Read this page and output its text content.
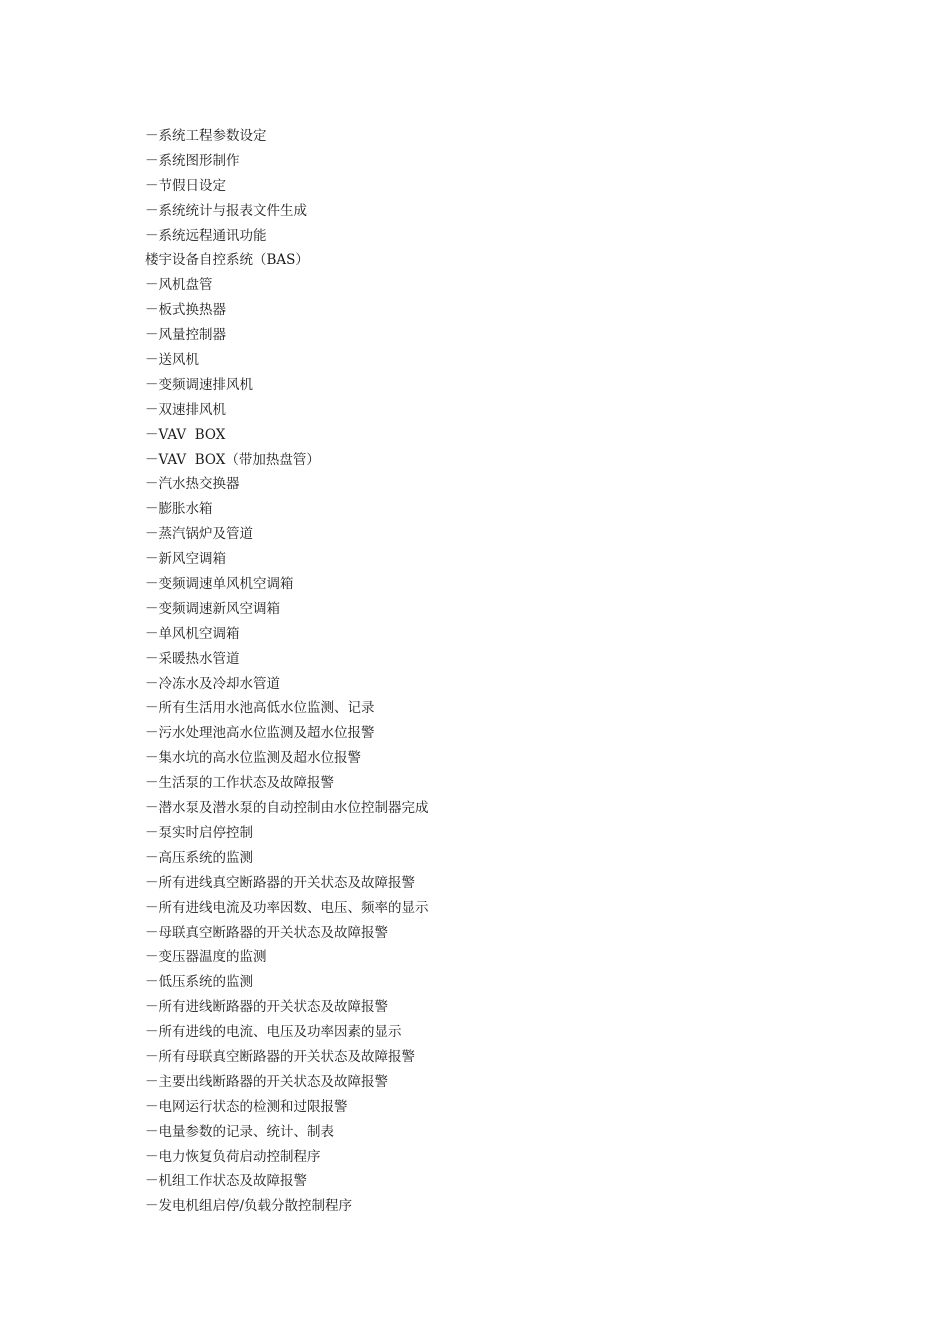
－系统工程参数设定
－系统图形制作
－节假日设定
－系统统计与报表文件生成
－系统远程通讯功能
楼宇设备自控系统（BAS）
－风机盘管
－板式换热器
－风量控制器
－送风机
－变频调速排风机
－双速排风机
－VAV  BOX
－VAV  BOX（带加热盘管）
－汽水热交换器
－膨胀水箱
－蒸汽锅炉及管道
－新风空调箱
－变频调速单风机空调箱
－变频调速新风空调箱
－单风机空调箱
－采暖热水管道
－冷冻水及冷却水管道
－所有生活用水池高低水位监测、记录
－污水处理池高水位监测及超水位报警
－集水坑的高水位监测及超水位报警
－生活泵的工作状态及故障报警
－潜水泵及潜水泵的自动控制由水位控制器完成
－泵实时启停控制
－高压系统的监测
－所有进线真空断路器的开关状态及故障报警
－所有进线电流及功率因数、电压、频率的显示
－母联真空断路器的开关状态及故障报警
－变压器温度的监测
－低压系统的监测
－所有进线断路器的开关状态及故障报警
－所有进线的电流、电压及功率因素的显示
－所有母联真空断路器的开关状态及故障报警
－主要出线断路器的开关状态及故障报警
－电网运行状态的检测和过限报警
－电量参数的记录、统计、制表
－电力恢复负荷启动控制程序
－机组工作状态及故障报警
－发电机组启停/负载分散控制程序
